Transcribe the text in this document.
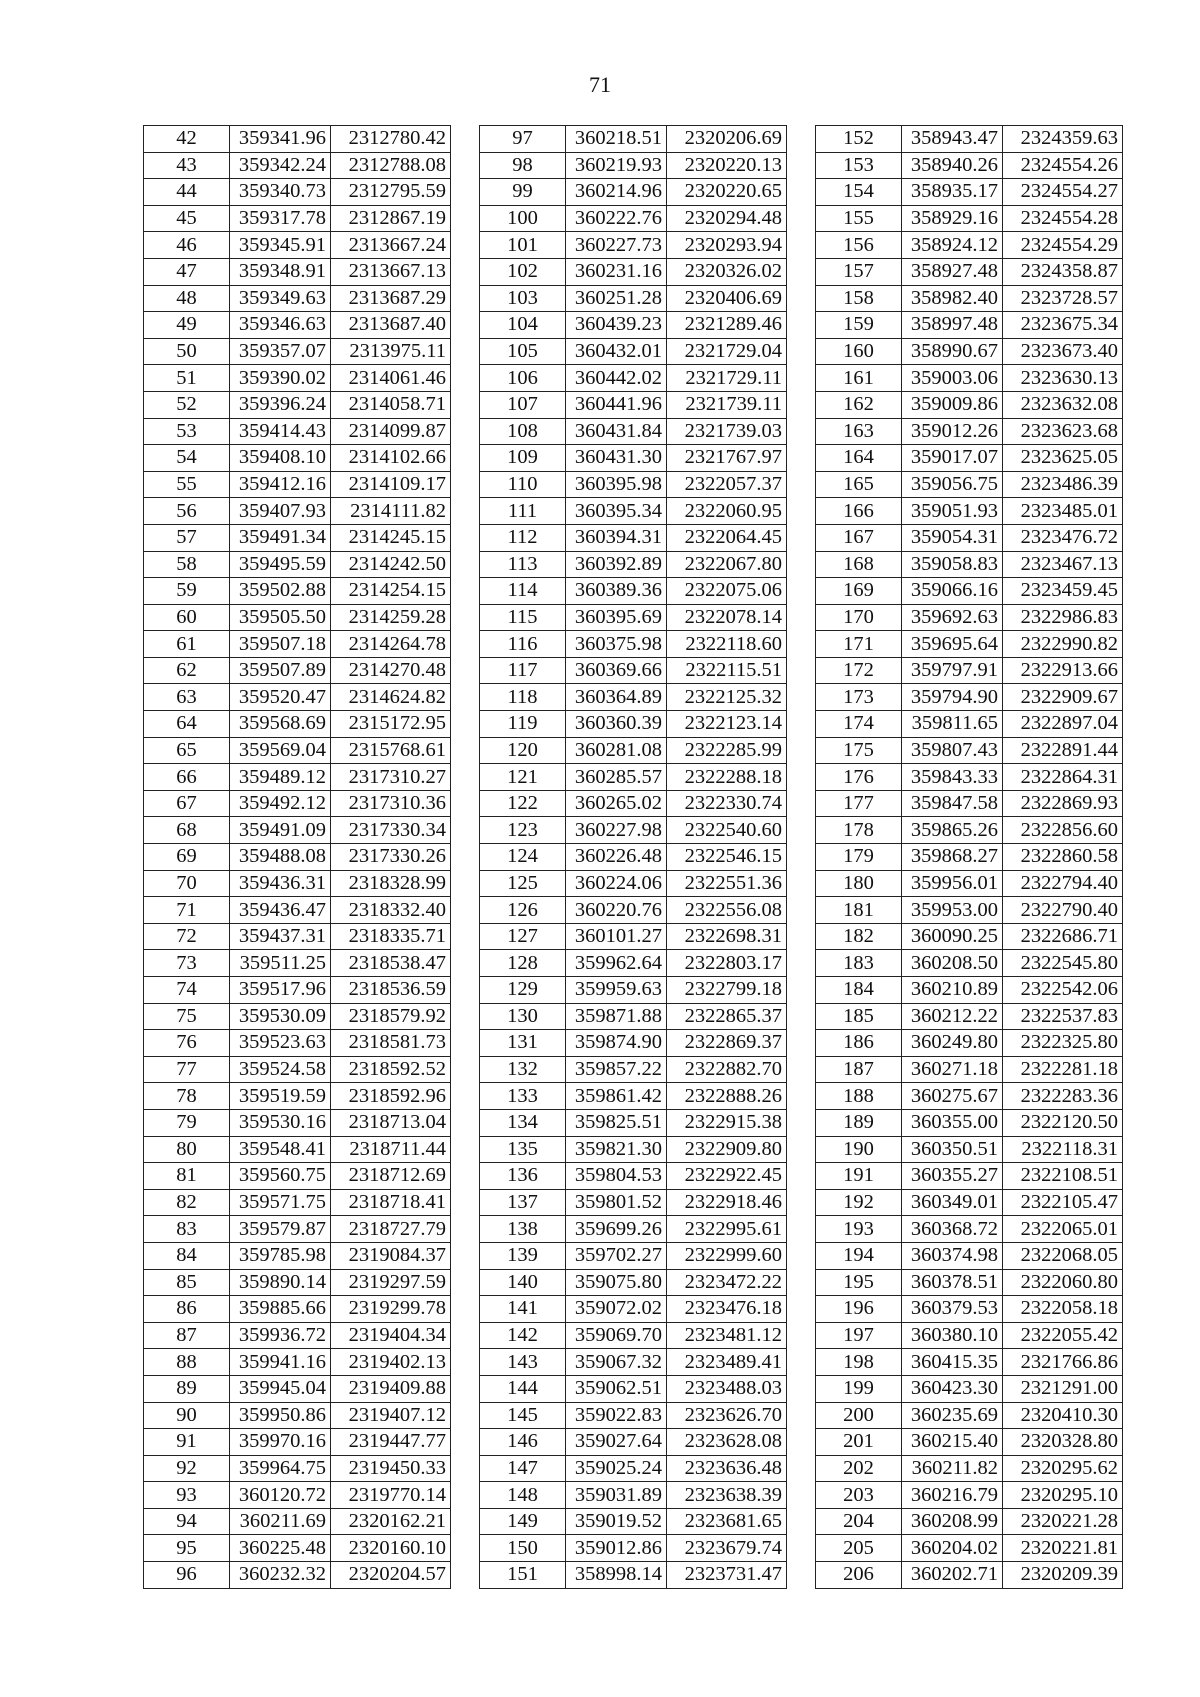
71
42	359341.96	2312780.42
43	359342.24	2312788.08
44	359340.73	2312795.59
45	359317.78	2312867.19
46	359345.91	2313667.24
47	359348.91	2313667.13
48	359349.63	2313687.29
49	359346.63	2313687.40
50	359357.07	2313975.11
51	359390.02	2314061.46
52	359396.24	2314058.71
53	359414.43	2314099.87
54	359408.10	2314102.66
55	359412.16	2314109.17
56	359407.93	2314111.82
57	359491.34	2314245.15
58	359495.59	2314242.50
59	359502.88	2314254.15
60	359505.50	2314259.28
61	359507.18	2314264.78
62	359507.89	2314270.48
63	359520.47	2314624.82
64	359568.69	2315172.95
65	359569.04	2315768.61
66	359489.12	2317310.27
67	359492.12	2317310.36
68	359491.09	2317330.34
69	359488.08	2317330.26
70	359436.31	2318328.99
71	359436.47	2318332.40
72	359437.31	2318335.71
73	359511.25	2318538.47
74	359517.96	2318536.59
75	359530.09	2318579.92
76	359523.63	2318581.73
77	359524.58	2318592.52
78	359519.59	2318592.96
79	359530.16	2318713.04
80	359548.41	2318711.44
81	359560.75	2318712.69
82	359571.75	2318718.41
83	359579.87	2318727.79
84	359785.98	2319084.37
85	359890.14	2319297.59
86	359885.66	2319299.78
87	359936.72	2319404.34
88	359941.16	2319402.13
89	359945.04	2319409.88
90	359950.86	2319407.12
91	359970.16	2319447.77
92	359964.75	2319450.33
93	360120.72	2319770.14
94	360211.69	2320162.21
95	360225.48	2320160.10
96	360232.32	2320204.57
97	360218.51	2320206.69
98	360219.93	2320220.13
99	360214.96	2320220.65
100	360222.76	2320294.48
101	360227.73	2320293.94
102	360231.16	2320326.02
103	360251.28	2320406.69
104	360439.23	2321289.46
105	360432.01	2321729.04
106	360442.02	2321729.11
107	360441.96	2321739.11
108	360431.84	2321739.03
109	360431.30	2321767.97
110	360395.98	2322057.37
111	360395.34	2322060.95
112	360394.31	2322064.45
113	360392.89	2322067.80
114	360389.36	2322075.06
115	360395.69	2322078.14
116	360375.98	2322118.60
117	360369.66	2322115.51
118	360364.89	2322125.32
119	360360.39	2322123.14
120	360281.08	2322285.99
121	360285.57	2322288.18
122	360265.02	2322330.74
123	360227.98	2322540.60
124	360226.48	2322546.15
125	360224.06	2322551.36
126	360220.76	2322556.08
127	360101.27	2322698.31
128	359962.64	2322803.17
129	359959.63	2322799.18
130	359871.88	2322865.37
131	359874.90	2322869.37
132	359857.22	2322882.70
133	359861.42	2322888.26
134	359825.51	2322915.38
135	359821.30	2322909.80
136	359804.53	2322922.45
137	359801.52	2322918.46
138	359699.26	2322995.61
139	359702.27	2322999.60
140	359075.80	2323472.22
141	359072.02	2323476.18
142	359069.70	2323481.12
143	359067.32	2323489.41
144	359062.51	2323488.03
145	359022.83	2323626.70
146	359027.64	2323628.08
147	359025.24	2323636.48
148	359031.89	2323638.39
149	359019.52	2323681.65
150	359012.86	2323679.74
151	358998.14	2323731.47
152	358943.47	2324359.63
153	358940.26	2324554.26
154	358935.17	2324554.27
155	358929.16	2324554.28
156	358924.12	2324554.29
157	358927.48	2324358.87
158	358982.40	2323728.57
159	358997.48	2323675.34
160	358990.67	2323673.40
161	359003.06	2323630.13
162	359009.86	2323632.08
163	359012.26	2323623.68
164	359017.07	2323625.05
165	359056.75	2323486.39
166	359051.93	2323485.01
167	359054.31	2323476.72
168	359058.83	2323467.13
169	359066.16	2323459.45
170	359692.63	2322986.83
171	359695.64	2322990.82
172	359797.91	2322913.66
173	359794.90	2322909.67
174	359811.65	2322897.04
175	359807.43	2322891.44
176	359843.33	2322864.31
177	359847.58	2322869.93
178	359865.26	2322856.60
179	359868.27	2322860.58
180	359956.01	2322794.40
181	359953.00	2322790.40
182	360090.25	2322686.71
183	360208.50	2322545.80
184	360210.89	2322542.06
185	360212.22	2322537.83
186	360249.80	2322325.80
187	360271.18	2322281.18
188	360275.67	2322283.36
189	360355.00	2322120.50
190	360350.51	2322118.31
191	360355.27	2322108.51
192	360349.01	2322105.47
193	360368.72	2322065.01
194	360374.98	2322068.05
195	360378.51	2322060.80
196	360379.53	2322058.18
197	360380.10	2322055.42
198	360415.35	2321766.86
199	360423.30	2321291.00
200	360235.69	2320410.30
201	360215.40	2320328.80
202	360211.82	2320295.62
203	360216.79	2320295.10
204	360208.99	2320221.28
205	360204.02	2320221.81
206	360202.71	2320209.39
